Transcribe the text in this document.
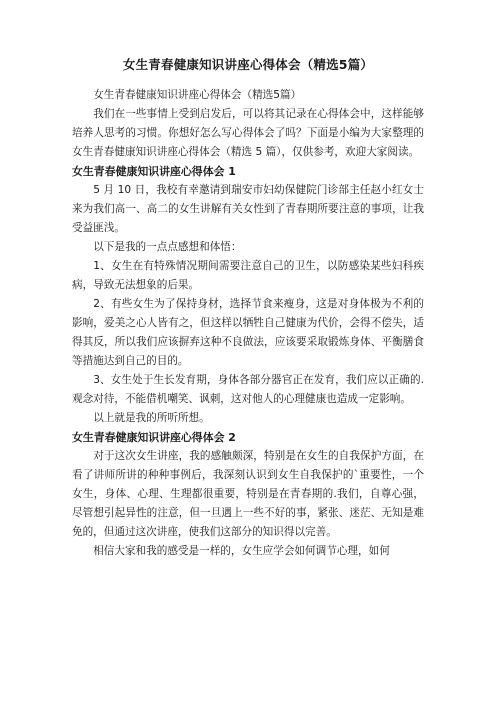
女生青春健康知识讲座心得体会（精选5篇）

女生青春健康知识讲座心得体会（精选5篇）

我们在一些事情上受到启发后，可以将其记录在心得体会中，这样能够培养人思考的习惯。你想好怎么写心得体会了吗？下面是小编为大家整理的女生青春健康知识讲座心得体会（精选 5 篇），仅供参考，欢迎大家阅读。

女生青春健康知识讲座心得体会 1

5 月 10 日，我校有幸邀请到瑞安市妇幼保健院门诊部主任赵小红女士来为我们高一、高二的女生讲解有关女性到了青春期所要注意的事项，让我受益匪浅。

以下是我的一点点感想和体悟：

1、女生在有特殊情况期间需要注意自己的卫生，以防感染某些妇科疾病，导致无法想象的后果。

2、有些女生为了保持身材，选择节食来瘦身，这是对身体极为不利的影响，爱美之心人皆有之，但这样以牺牲自己健康为代价，会得不偿失，适得其反，所以我们应该摒弃这种不良做法，应该要采取锻炼身体、平衡膳食等措施达到自己的目的。

3、女生处于生长发育期，身体各部分器官正在发育，我们应以正确的.观念对待，不能借机嘲笑、讽刺，这对他人的心理健康也造成一定影响。

以上就是我的所听所想。

女生青春健康知识讲座心得体会 2

对于这次女生讲座，我的感触颇深，特别是在女生的自我保护方面，在看了讲师所讲的种种事例后，我深刻认识到女生自我保护的`重要性，一个女生，身体、心理、生理都很重要，特别是在青春期的.我们，自尊心强，尽管想引起异性的注意，但一旦遇上一些不好的事，紧张、迷茫、无知是难免的，但通过这次讲座，使我们这部分的知识得以完善。

相信大家和我的感受是一样的，女生应学会如何调节心理，如何
